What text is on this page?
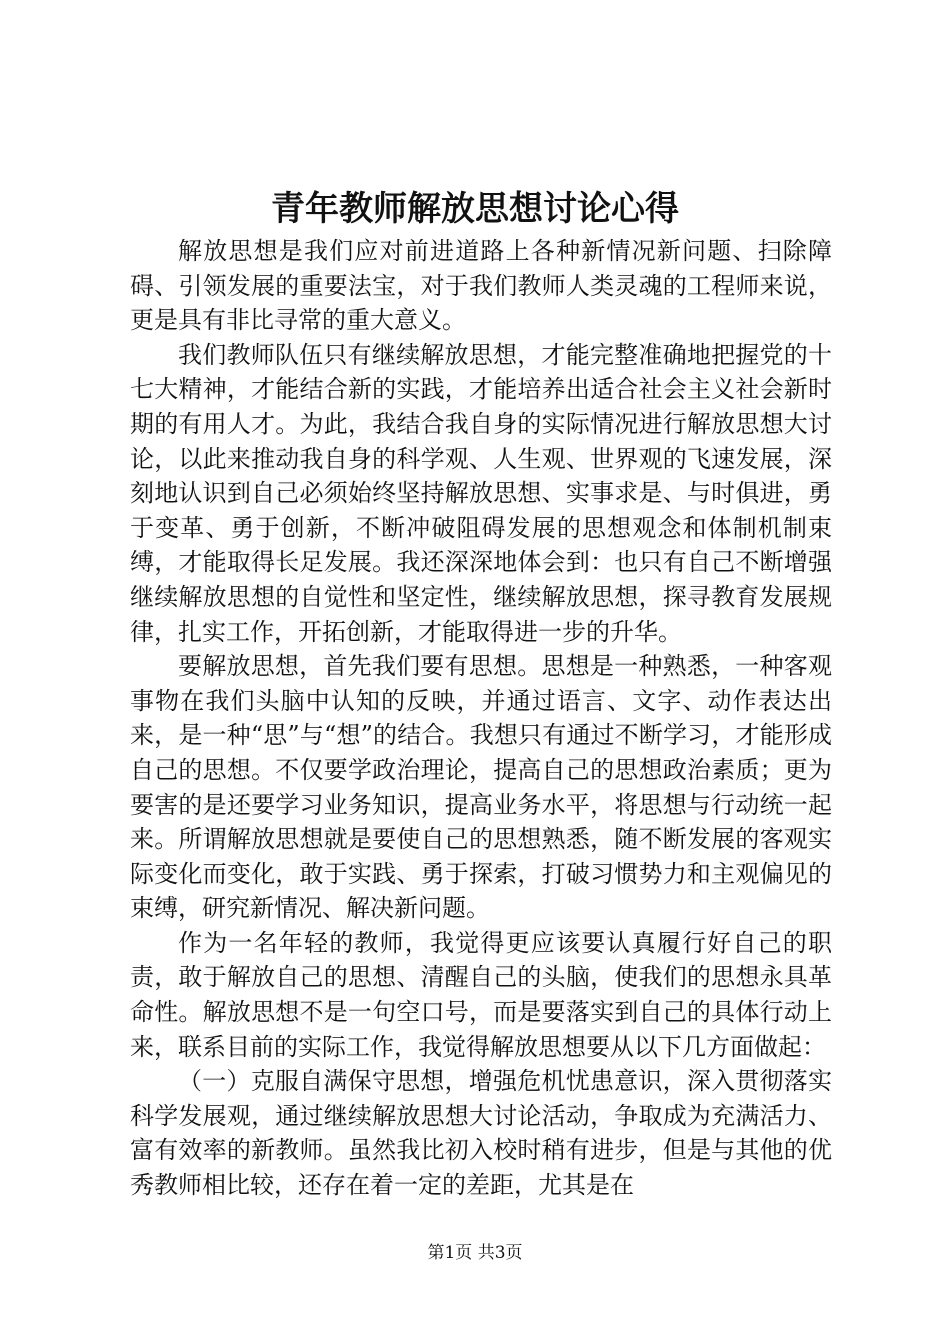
青年教师解放思想讨论心得

解放思想是我们应对前进道路上各种新情况新问题、扫除障碍、引领发展的重要法宝，对于我们教师人类灵魂的工程师来说，更是具有非比寻常的重大意义。

我们教师队伍只有继续解放思想，才能完整准确地把握党的十七大精神，才能结合新的实践，才能培养出适合社会主义社会新时期的有用人才。为此，我结合我自身的实际情况进行解放思想大讨论，以此来推动我自身的科学观、人生观、世界观的飞速发展，深刻地认识到自己必须始终坚持解放思想、实事求是、与时俱进，勇于变革、勇于创新，不断冲破阻碍发展的思想观念和体制机制束缚，才能取得长足发展。我还深深地体会到：也只有自己不断增强继续解放思想的自觉性和坚定性，继续解放思想，探寻教育发展规律，扎实工作，开拓创新，才能取得进一步的升华。

要解放思想，首先我们要有思想。思想是一种熟悉，一种客观事物在我们头脑中认知的反映，并通过语言、文字、动作表达出来，是一种“思”与“想”的结合。我想只有通过不断学习，才能形成自己的思想。不仅要学政治理论，提高自己的思想政治素质；更为要害的是还要学习业务知识，提高业务水平，将思想与行动统一起来。所谓解放思想就是要使自己的思想熟悉，随不断发展的客观实际变化而变化，敢于实践、勇于探索，打破习惯势力和主观偏见的束缚，研究新情况、解决新问题。

作为一名年轻的教师，我觉得更应该要认真履行好自己的职责，敢于解放自己的思想、清醒自己的头脑，使我们的思想永具革命性。解放思想不是一句空口号，而是要落实到自己的具体行动上来，联系目前的实际工作，我觉得解放思想要从以下几方面做起：

（一）克服自满保守思想，增强危机忧患意识，深入贯彻落实科学发展观，通过继续解放思想大讨论活动，争取成为充满活力、富有效率的新教师。虽然我比初入校时稍有进步，但是与其他的优秀教师相比较，还存在着一定的差距，尤其是在

第1页 共3页
